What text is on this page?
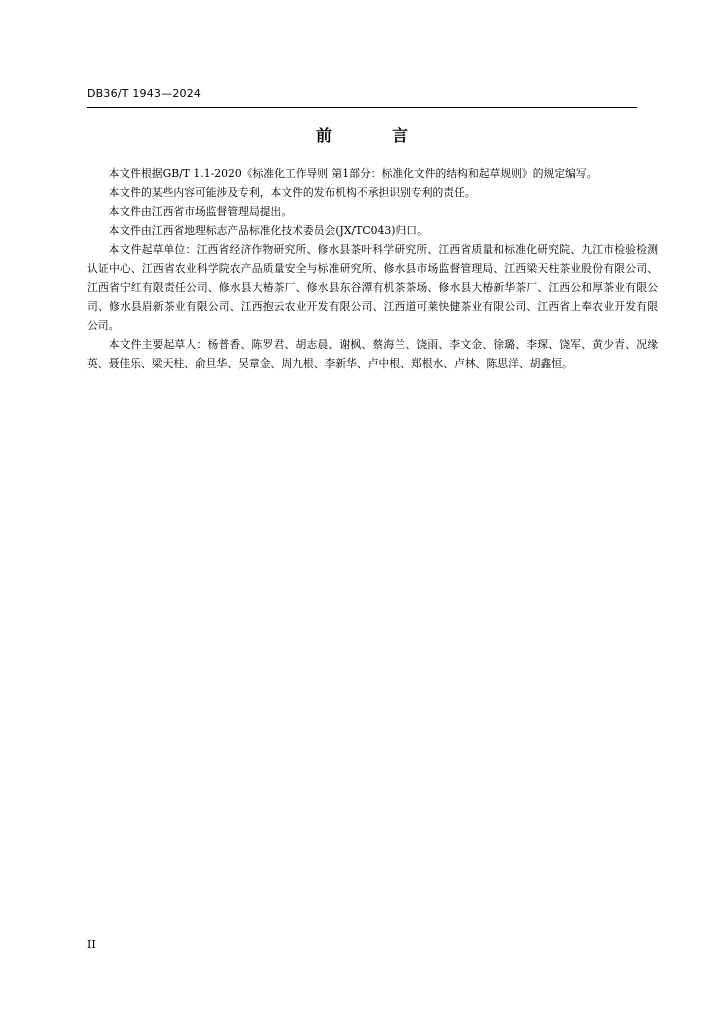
DB36/T 1943—2024
前　言

本文件根据GB/T 1.1-2020《标准化工作导则 第1部分：标准化文件的结构和起草规则》的规定编写。

本文件的某些内容可能涉及专利，本文件的发布机构不承担识别专利的责任。

本文件由江西省市场监督管理局提出。

本文件由江西省地理标志产品标准化技术委员会(JX/TC043)归口。

本文件起草单位：江西省经济作物研究所、修水县茶叶科学研究所、江西省质量和标准化研究院、九江市检验检测认证中心、江西省农业科学院农产品质量安全与标准研究所、修水县市场监督管理局、江西梁天柱茶业股份有限公司、江西省宁红有限责任公司、修水县大椿茶厂、修水县东谷潭有机茶茶场、修水县大椿新华茶厂、江西公和厚茶业有限公司、修水县眉新茶业有限公司、江西抱云农业开发有限公司、江西道可莱快健茶业有限公司、江西省上奉农业开发有限公司。

本文件主要起草人：杨普香、陈罗君、胡志晨、谢枫、蔡海兰、饶雨、李文金、徐璐、李琛、饶军、黄少青、况缘英、聂佳乐、梁天柱、俞旦华、吴章金、周九根、李新华、卢中根、郑根水、卢林、陈思洋、胡鑫恒。

II
